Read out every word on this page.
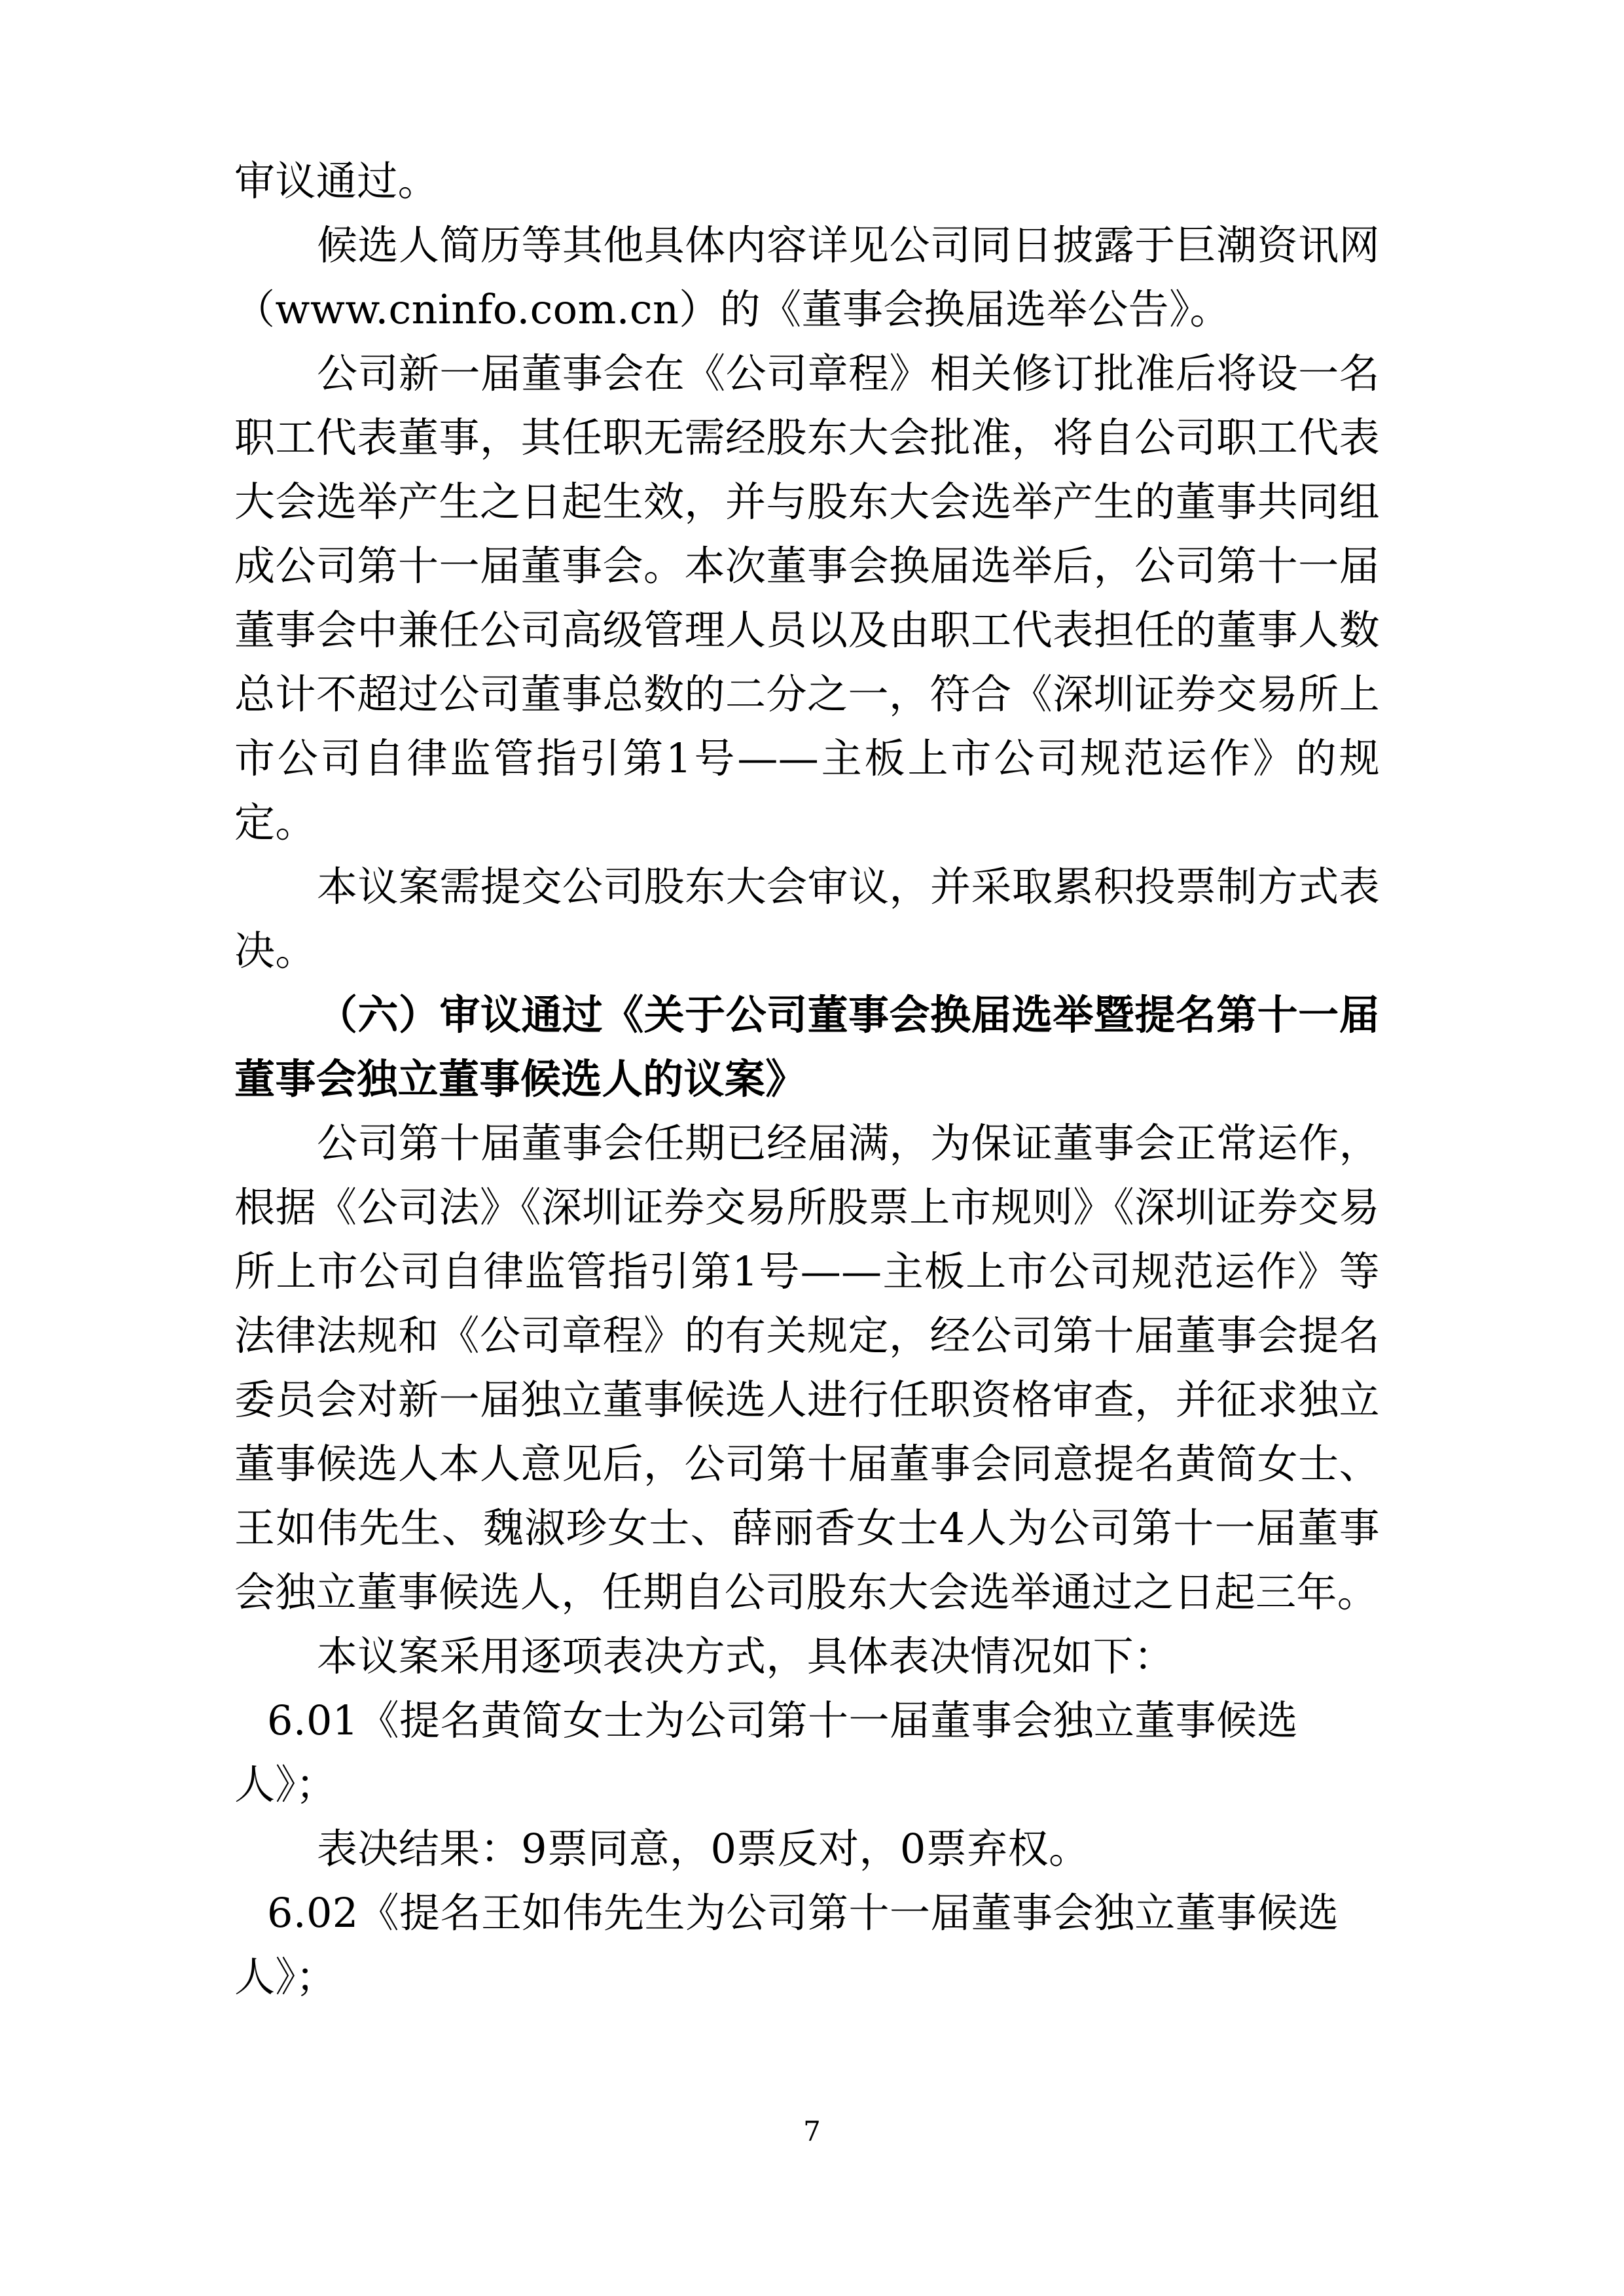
审议通过。

候选人简历等其他具体内容详见公司同日披露于巨潮资讯网（www.cninfo.com.cn）的《董事会换届选举公告》。

公司新一届董事会在《公司章程》相关修订批准后将设一名职工代表董事，其任职无需经股东大会批准，将自公司职工代表大会选举产生之日起生效，并与股东大会选举产生的董事共同组成公司第十一届董事会。本次董事会换届选举后，公司第十一届董事会中兼任公司高级管理人员以及由职工代表担任的董事人数总计不超过公司董事总数的二分之一，符合《深圳证券交易所上市公司自律监管指引第1号——主板上市公司规范运作》的规定。

本议案需提交公司股东大会审议，并采取累积投票制方式表决。

（六）审议通过《关于公司董事会换届选举暨提名第十一届董事会独立董事候选人的议案》

公司第十届董事会任期已经届满，为保证董事会正常运作，根据《公司法》《深圳证券交易所股票上市规则》《深圳证券交易所上市公司自律监管指引第1号——主板上市公司规范运作》等法律法规和《公司章程》的有关规定，经公司第十届董事会提名委员会对新一届独立董事候选人进行任职资格审查，并征求独立董事候选人本人意见后，公司第十届董事会同意提名黄简女士、王如伟先生、魏淑珍女士、薛丽香女士4人为公司第十一届董事会独立董事候选人，任期自公司股东大会选举通过之日起三年。

本议案采用逐项表决方式，具体表决情况如下：

6.01《提名黄简女士为公司第十一届董事会独立董事候选人》；

表决结果：9票同意，0票反对，0票弃权。

6.02《提名王如伟先生为公司第十一届董事会独立董事候选人》；

7
